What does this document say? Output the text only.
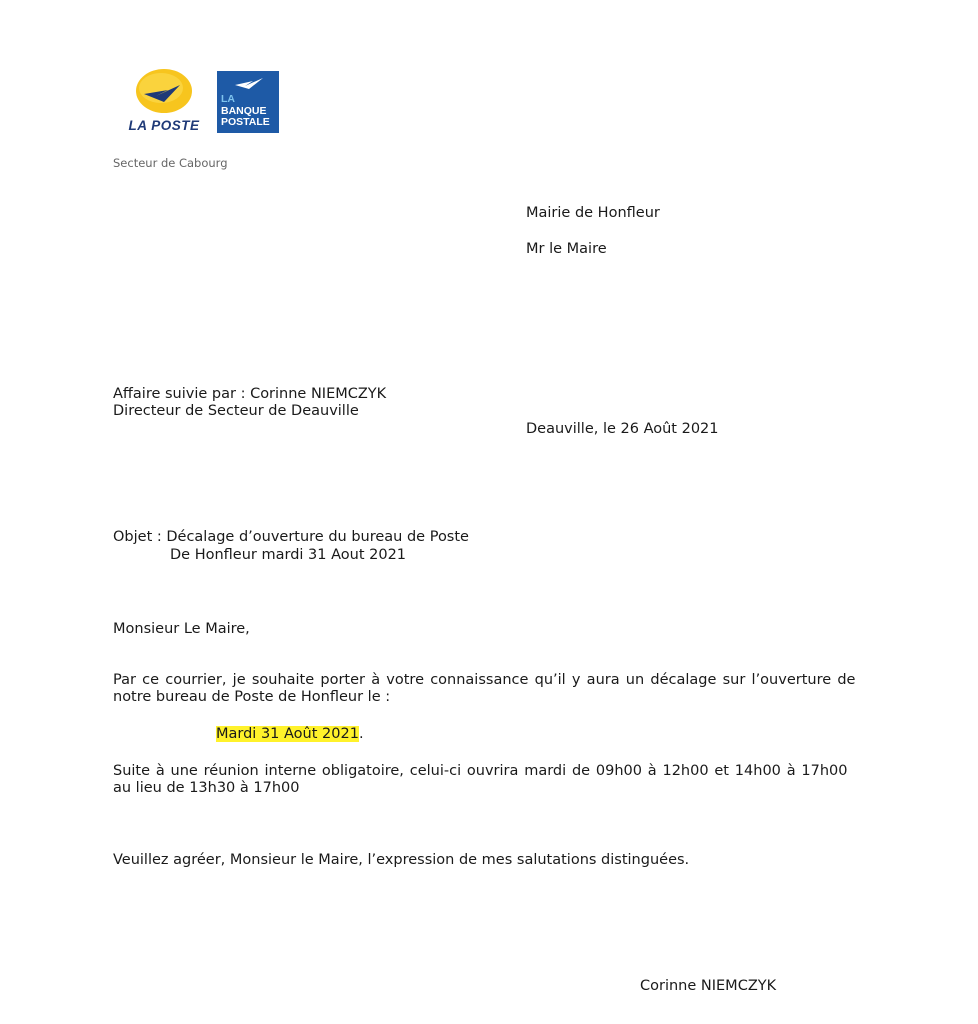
LA POSTE
LA
BANQUE
POSTALE
Secteur de Cabourg
Mairie de Honfleur
Mr le Maire
Affaire suivie par : Corinne NIEMCZYK
Directeur de Secteur de Deauville
Deauville, le 26 Août 2021
Objet : Décalage d’ouverture du bureau de Poste
De Honfleur mardi 31 Aout 2021
Monsieur Le Maire,
Par ce courrier, je souhaite porter à votre connaissance qu’il y aura un décalage sur l’ouverture de
notre bureau de Poste de Honfleur le :
Mardi 31 Août 2021.
Suite à une réunion interne obligatoire, celui-ci ouvrira mardi de 09h00 à 12h00 et 14h00 à 17h00
au lieu de 13h30 à 17h00
Veuillez agréer, Monsieur le Maire, l’expression de mes salutations distinguées.
Corinne NIEMCZYK
